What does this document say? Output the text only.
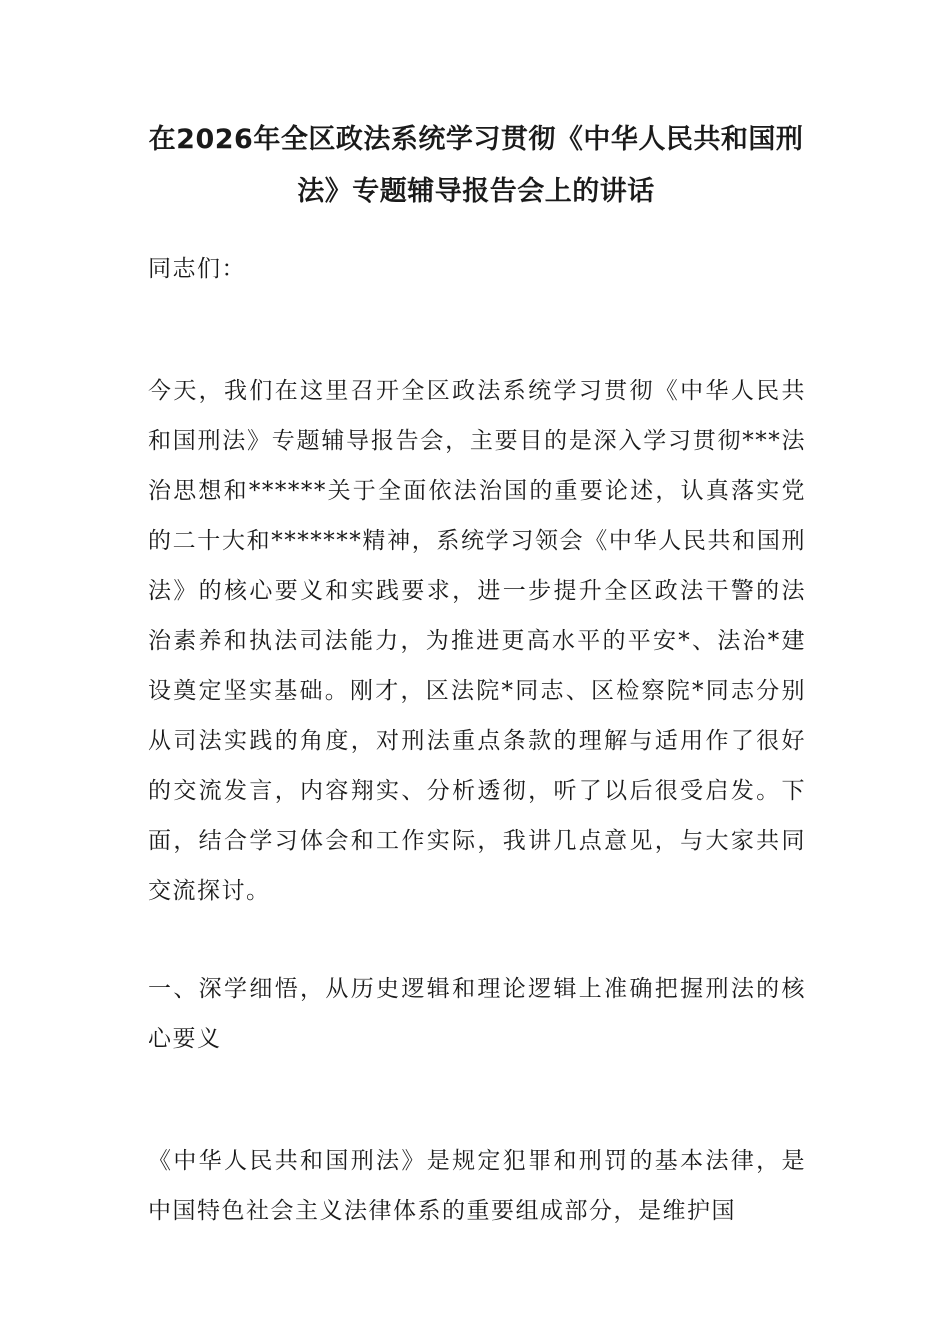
在2026年全区政法系统学习贯彻《中华人民共和国刑法》专题辅导报告会上的讲话

同志们：

今天，我们在这里召开全区政法系统学习贯彻《中华人民共和国刑法》专题辅导报告会，主要目的是深入学习贯彻***法治思想和******关于全面依法治国的重要论述，认真落实党的二十大和*******精神，系统学习领会《中华人民共和国刑法》的核心要义和实践要求，进一步提升全区政法干警的法治素养和执法司法能力，为推进更高水平的平安*、法治*建设奠定坚实基础。刚才，区法院*同志、区检察院*同志分别从司法实践的角度，对刑法重点条款的理解与适用作了很好的交流发言，内容翔实、分析透彻，听了以后很受启发。下面，结合学习体会和工作实际，我讲几点意见，与大家共同交流探讨。

一、深学细悟，从历史逻辑和理论逻辑上准确把握刑法的核心要义

《中华人民共和国刑法》是规定犯罪和刑罚的基本法律，是中国特色社会主义法律体系的重要组成部分，是维护国
